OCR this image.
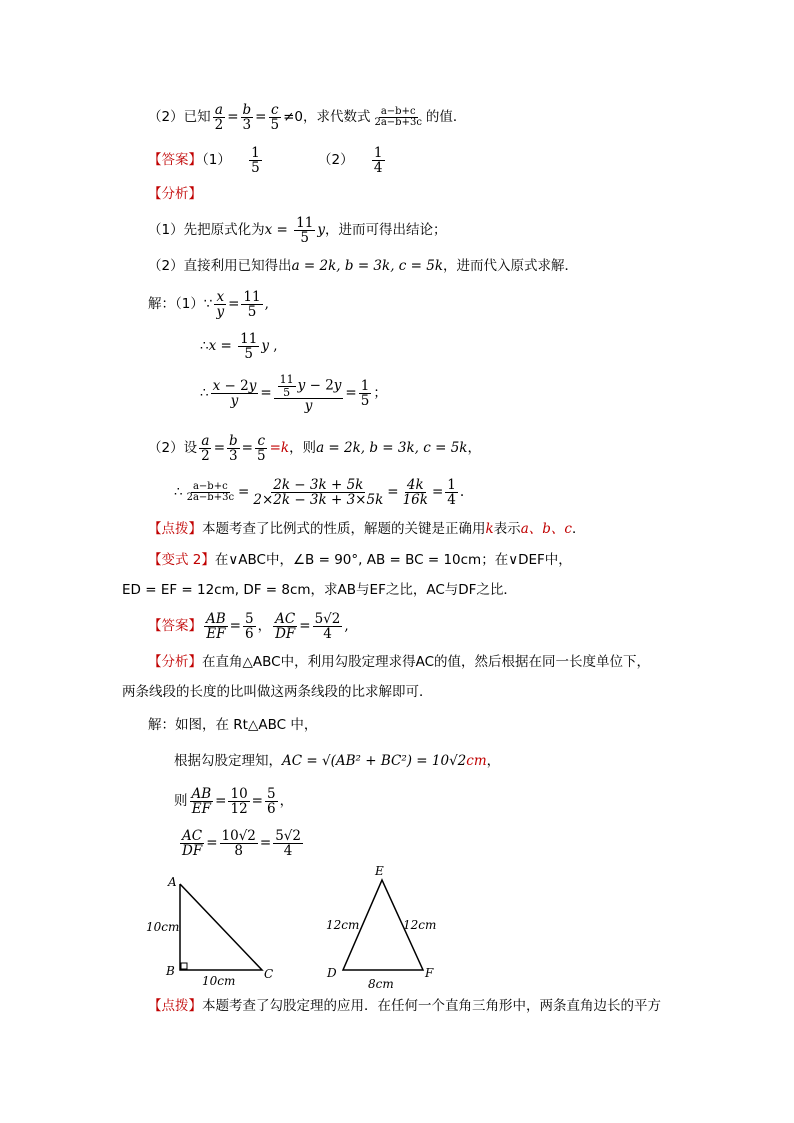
（2）已知 $\frac{a}{2} = \frac{b}{3} = \frac{c}{5} \ne 0$，求代数式 $\frac{a-b+c}{2a-b+3c}$ 的值．
【答案】$(1) \frac{1}{5}$	$(2) \frac{1}{4}$
【分析】
（1）先把原式化为$x = \frac{11}{5}$ y，进而可得出结论；
（2）直接利用已知得出a = 2k, b = 3k, c = 5k，进而代入原式求解．
解：（1）∵ $\frac{x}{y} = \frac{11}{5}$ ,
∴x = $\frac{11}{5}$ y ,
∴ $\frac{x - 2y}{y} = \frac{\frac{11}{5} y - 2y}{y} = \frac{1}{5}$ ；
（2）设 $\frac{a}{2} = \frac{b}{3} = \frac{c}{5} =k$，则a = 2k, b = 3k, c = 5k，
∴ $\frac{a-b+c}{2a-b+3c} = \frac{2k - 3k + 5k}{2\times 2k - 3k + 3\times 5k} = \frac{4k}{16k} = \frac{1}{4}$ .
【点拨】本题考查了比例式的性质，解题的关键是正确用k表示a、b、c．
【变式 2】在∨ABC中，∠B = 90°, AB = BC = 10cm；在∨DEF中，
ED = EF = 12cm, DF = 8cm，求AB与EF之比，AC与DF之比．
【答案】 $\frac{AB}{EF} = \frac{5}{6}$ ， $\frac{AC}{DF} = \frac{5√2}{4}$ ,
【分析】在直角△ABC中，利用勾股定理求得AC的值，然后根据在同一长度单位下，
两条线段的长度的比叫做这两条线段的比求解即可．
解：如图，在 Rt△ABC 中，
根据勾股定理知，AC = √(AB² + BC²) = 10√2cm，
则 $\frac{AB}{EF} = \frac{10}{12} = \frac{5}{6}$ ，
$\frac{AC}{DF} = \frac{10√2}{8} = \frac{5√2}{4}$
A
B	C
10cm
10cm
E
D	F
12cm	12cm
8cm
【点拨】本题考查了勾股定理的应用．在任何一个直角三角形中，两条直角边长的平方
